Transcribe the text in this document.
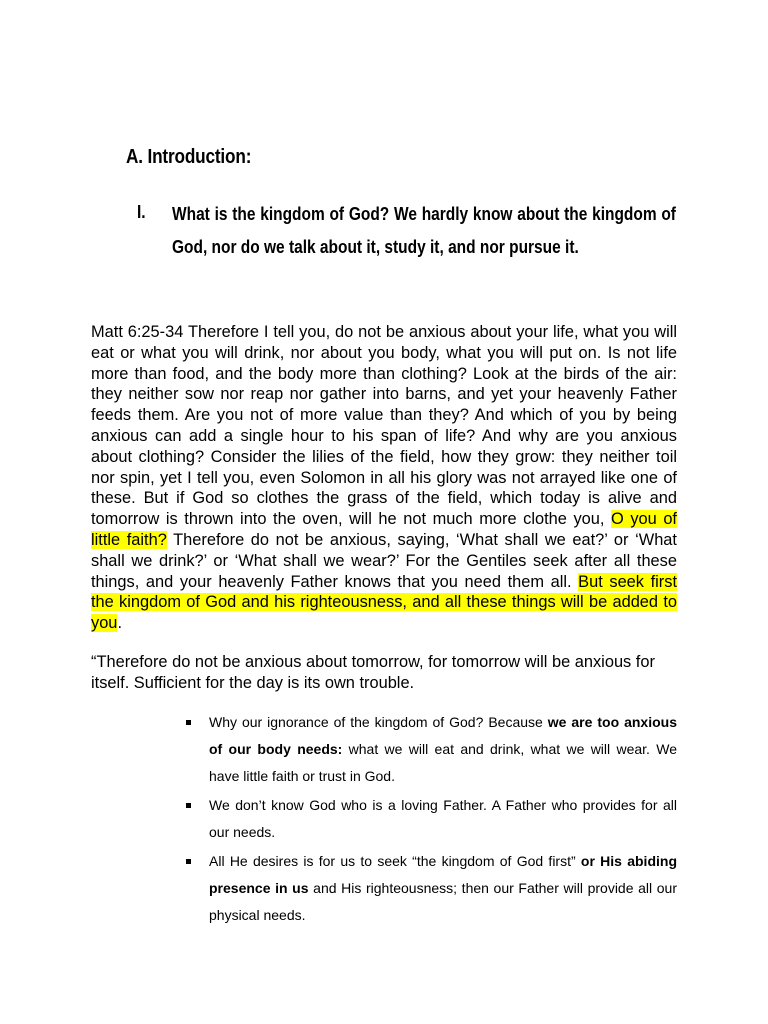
A. Introduction:
I. What is the kingdom of God? We hardly know about the kingdom of God, nor do we talk about it, study it, and nor pursue it.

Matt 6:25-34 Therefore I tell you, do not be anxious about your life, what you will eat or what you will drink, nor about you body, what you will put on. Is not life more than food, and the body more than clothing? Look at the birds of the air: they neither sow nor reap nor gather into barns, and yet your heavenly Father feeds them. Are you not of more value than they? And which of you by being anxious can add a single hour to his span of life? And why are you anxious about clothing? Consider the lilies of the field, how they grow: they neither toil nor spin, yet I tell you, even Solomon in all his glory was not arrayed like one of these. But if God so clothes the grass of the field, which today is alive and tomorrow is thrown into the oven, will he not much more clothe you, O you of little faith? Therefore do not be anxious, saying, ‘What shall we eat?’ or ‘What shall we drink?’ or ‘What shall we wear?’ For the Gentiles seek after all these things, and your heavenly Father knows that you need them all. But seek first the kingdom of God and his righteousness, and all these things will be added to you.

“Therefore do not be anxious about tomorrow, for tomorrow will be anxious for itself. Sufficient for the day is its own trouble.

Why our ignorance of the kingdom of God? Because we are too anxious of our body needs: what we will eat and drink, what we will wear. We have little faith or trust in God.
We don’t know God who is a loving Father. A Father who provides for all our needs.
All He desires is for us to seek “the kingdom of God first” or His abiding presence in us and His righteousness; then our Father will provide all our physical needs.
